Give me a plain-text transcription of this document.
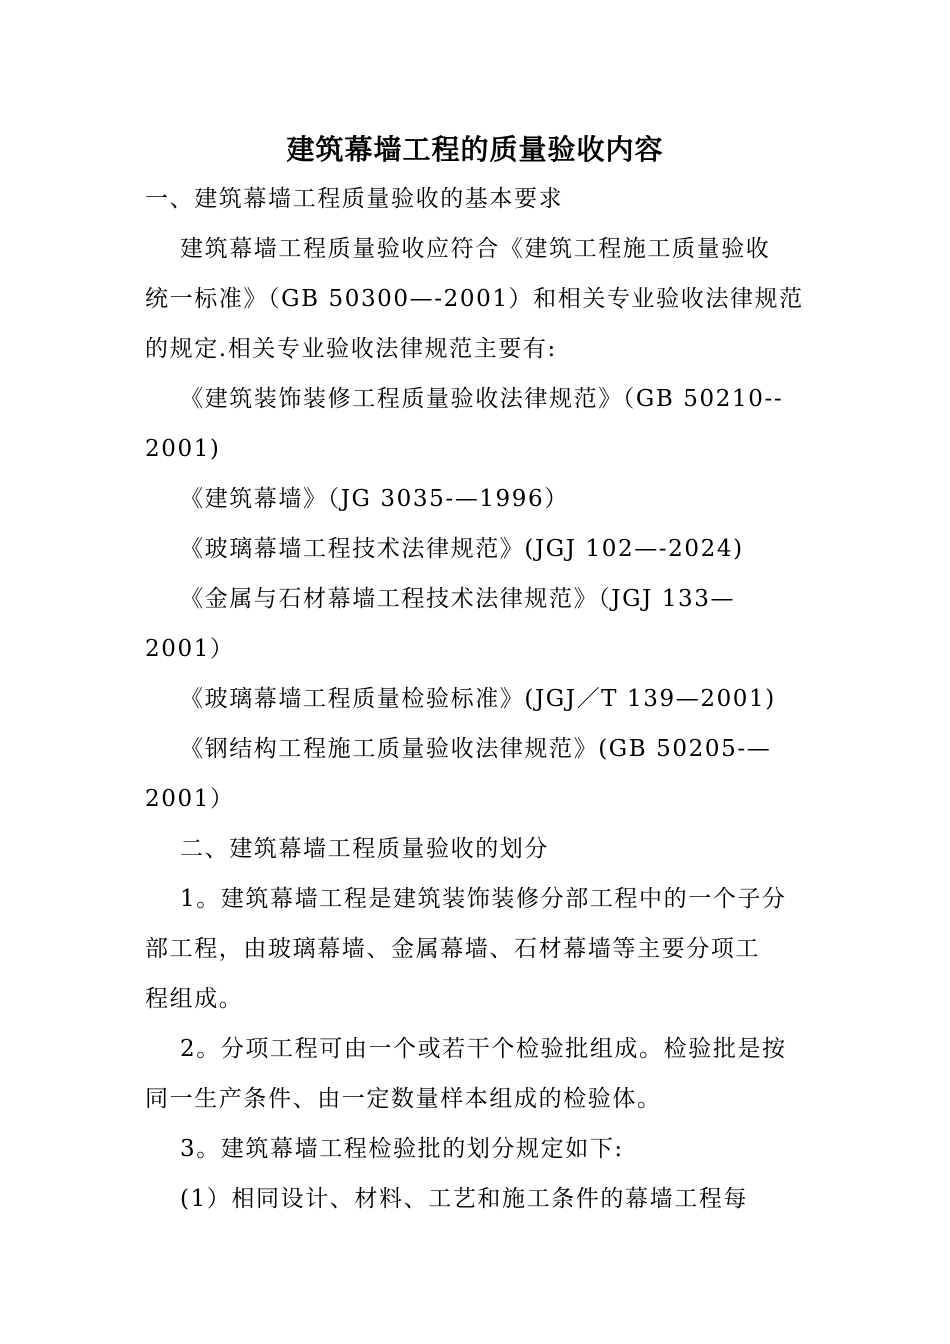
建筑幕墙工程的质量验收内容
一、建筑幕墙工程质量验收的基本要求
建筑幕墙工程质量验收应符合《建筑工程施工质量验收
统一标准》（GB 50300—-2001）和相关专业验收法律规范
的规定.相关专业验收法律规范主要有:
《建筑装饰装修工程质量验收法律规范》（GB 50210--
2001)
《建筑幕墙》（JG 3035-—1996）
《玻璃幕墙工程技术法律规范》(JGJ 102—-2024)
《金属与石材幕墙工程技术法律规范》（JGJ 133—
2001）
《玻璃幕墙工程质量检验标准》(JGJ／T 139—2001)
《钢结构工程施工质量验收法律规范》(GB 50205-—
2001）
二、建筑幕墙工程质量验收的划分
1。建筑幕墙工程是建筑装饰装修分部工程中的一个子分
部工程，由玻璃幕墙、金属幕墙、石材幕墙等主要分项工
程组成。
2。分项工程可由一个或若干个检验批组成。检验批是按
同一生产条件、由一定数量样本组成的检验体。
3。建筑幕墙工程检验批的划分规定如下:
(1）相同设计、材料、工艺和施工条件的幕墙工程每
